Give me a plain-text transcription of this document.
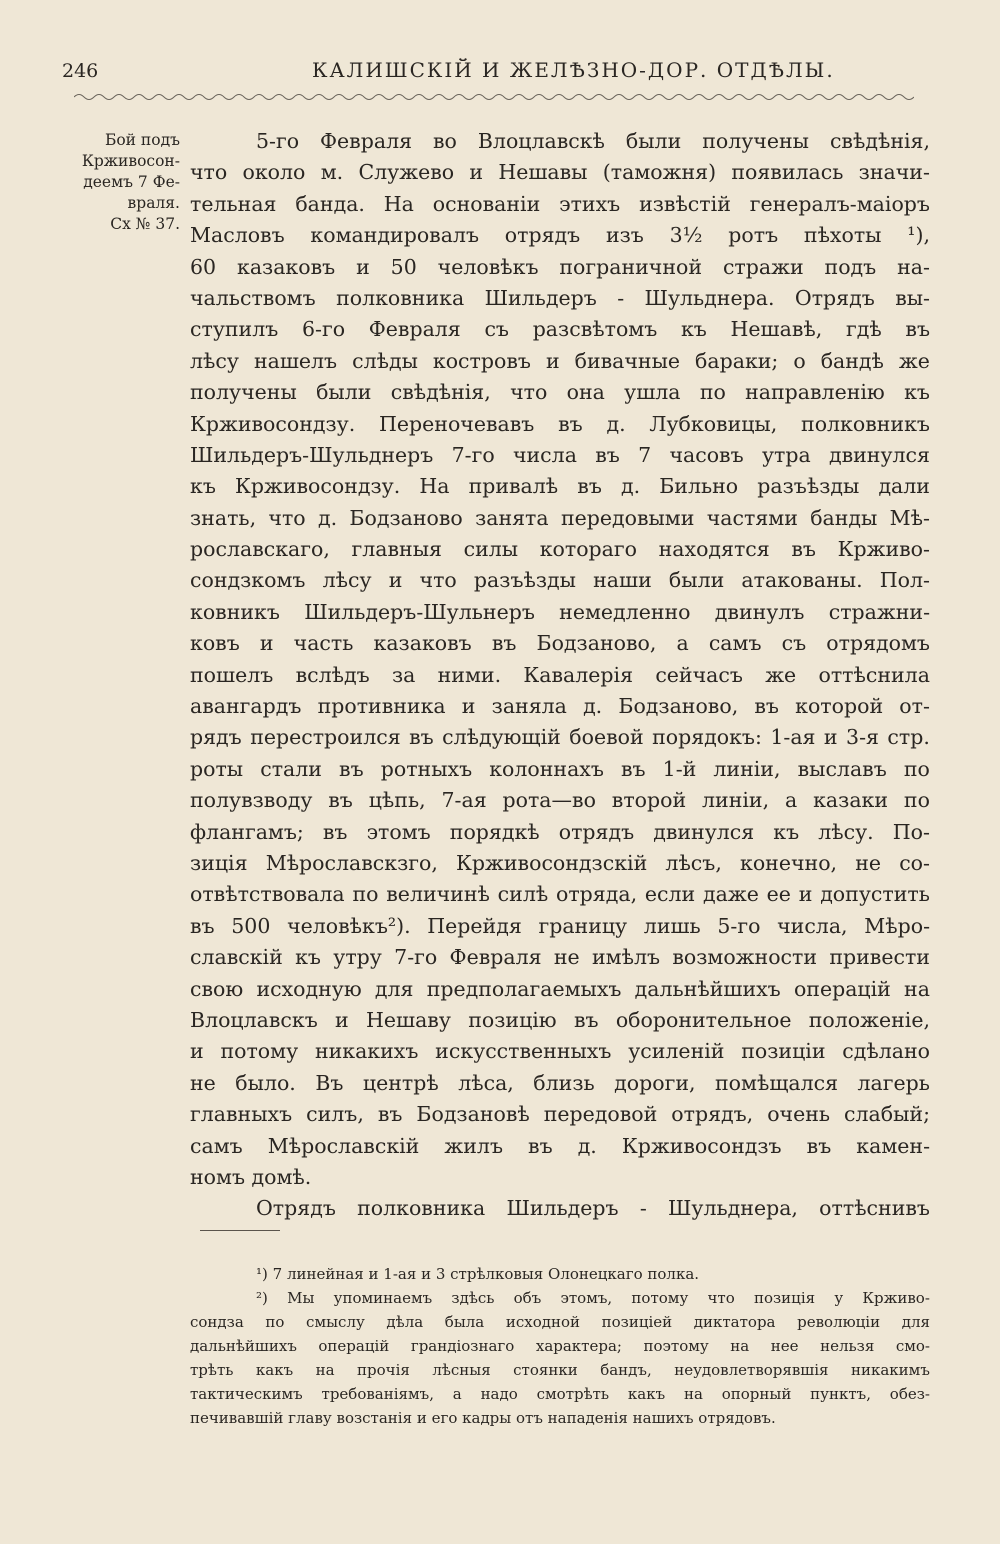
246	КАЛИШСКІЙ И ЖЕЛѢЗНО-ДОР. ОТДѢЛЫ.
Бой подъ
Крживосон-
деемъ 7 Фе-
враля.
Сх № 37.
5-го Февраля во Влоцлавскѣ были получены свѣдѣнія,
что около м. Служево и Нешавы (таможня) появилась значи-
тельная банда. На основаніи этихъ извѣстій генералъ-маіоръ
Масловъ командировалъ отрядъ изъ 3½ ротъ пѣхоты ¹),
60 казаковъ и 50 человѣкъ пограничной стражи подъ на-
чальствомъ полковника Шильдеръ - Шульднера. Отрядъ вы-
ступилъ 6-го Февраля съ разсвѣтомъ къ Нешавѣ, гдѣ въ
лѣсу нашелъ слѣды костровъ и бивачные бараки; о бандѣ же
получены были свѣдѣнія, что она ушла по направленію къ
Крживосондзу. Переночевавъ въ д. Лубковицы, полковникъ
Шильдеръ-Шульднеръ 7-го числа въ 7 часовъ утра двинулся
къ Крживосондзу. На привалѣ въ д. Бильно разъѣзды дали
знать, что д. Бодзаново занята передовыми частями банды Мѣ-
рославскаго, главныя силы котораго находятся въ Крживо-
сондзкомъ лѣсу и что разъѣзды наши были атакованы. Пол-
ковникъ Шильдеръ-Шульнеръ немедленно двинулъ стражни-
ковъ и часть казаковъ въ Бодзаново, а самъ съ отрядомъ
пошелъ вслѣдъ за ними. Кавалерія сейчасъ же оттѣснила
авангардъ противника и заняла д. Бодзаново, въ которой от-
рядъ перестроился въ слѣдующій боевой порядокъ: 1-ая и 3-я стр.
роты стали въ ротныхъ колоннахъ въ 1-й линіи, выславъ по
полувзводу въ цѣпь, 7-ая рота—во второй линіи, а казаки по
флангамъ; въ этомъ порядкѣ отрядъ двинулся къ лѣсу. По-
зиція Мѣрославскзго, Крживосондзскій лѣсъ, конечно, не со-
отвѣтствовала по величинѣ силѣ отряда, если даже ее и допустить
въ 500 человѣкъ²). Перейдя границу лишь 5-го числа, Мѣро-
славскій къ утру 7-го Февраля не имѣлъ возможности привести
свою исходную для предполагаемыхъ дальнѣйшихъ операцій на
Влоцлавскъ и Нешаву позицію въ оборонительное положеніе,
и потому никакихъ искусственныхъ усиленій позиціи сдѣлано
не было. Въ центрѣ лѣса, близь дороги, помѣщался лагерь
главныхъ силъ, въ Бодзановѣ передовой отрядъ, очень слабый;
самъ Мѣрославскій жилъ въ д. Крживосондзъ въ камен-
номъ домѣ.
Отрядъ полковника Шильдеръ - Шульднера, оттѣснивъ
¹) 7 линейная и 1-ая и 3 стрѣлковыя Олонецкаго полка.
²) Мы упоминаемъ здѣсь объ этомъ, потому что позиція у Крживо-
сондза по смыслу дѣла была исходной позиціей диктатора революціи для
дальнѣйшихъ операцій грандіознаго характера; поэтому на нее нельзя смо-
трѣть какъ на прочія лѣсныя стоянки бандъ, неудовлетворявшія никакимъ
тактическимъ требованіямъ, а надо смотрѣть какъ на опорный пунктъ, обез-
печивавшій главу возстанія и его кадры отъ нападенія нашихъ отрядовъ.
